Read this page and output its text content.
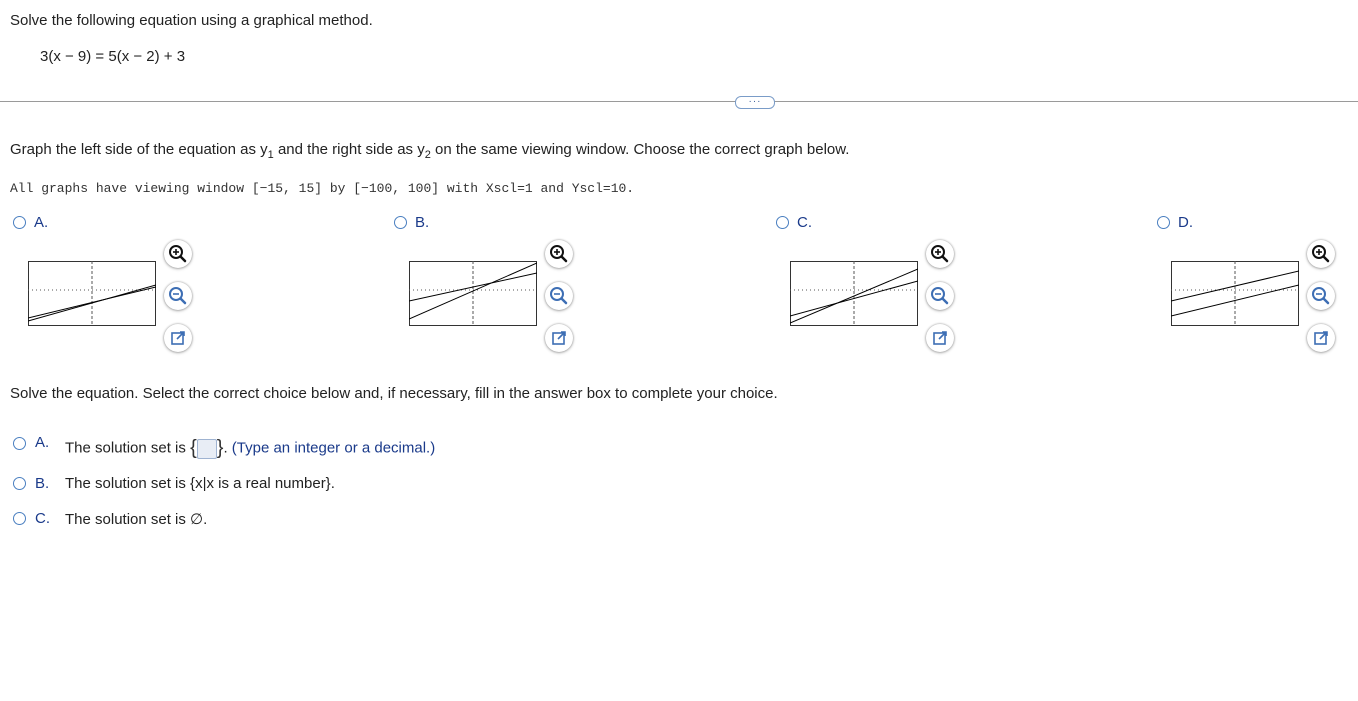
Solve the following equation using a graphical method.
3(x − 9) = 5(x − 2) + 3
···
Graph the left side of the equation as $y_1$ and the right side as $y_2$ on the same viewing window. Choose the correct graph below.
All graphs have viewing window [−15, 15] by [−100, 100] with Xscl=1 and Yscl=10.
A.	B.	C.	D.
Solve the equation. Select the correct choice below and, if necessary, fill in the answer box to complete your choice.
A. The solution set is { }. (Type an integer or a decimal.)
B. The solution set is {x|x is a real number}.
C. The solution set is ∅.
